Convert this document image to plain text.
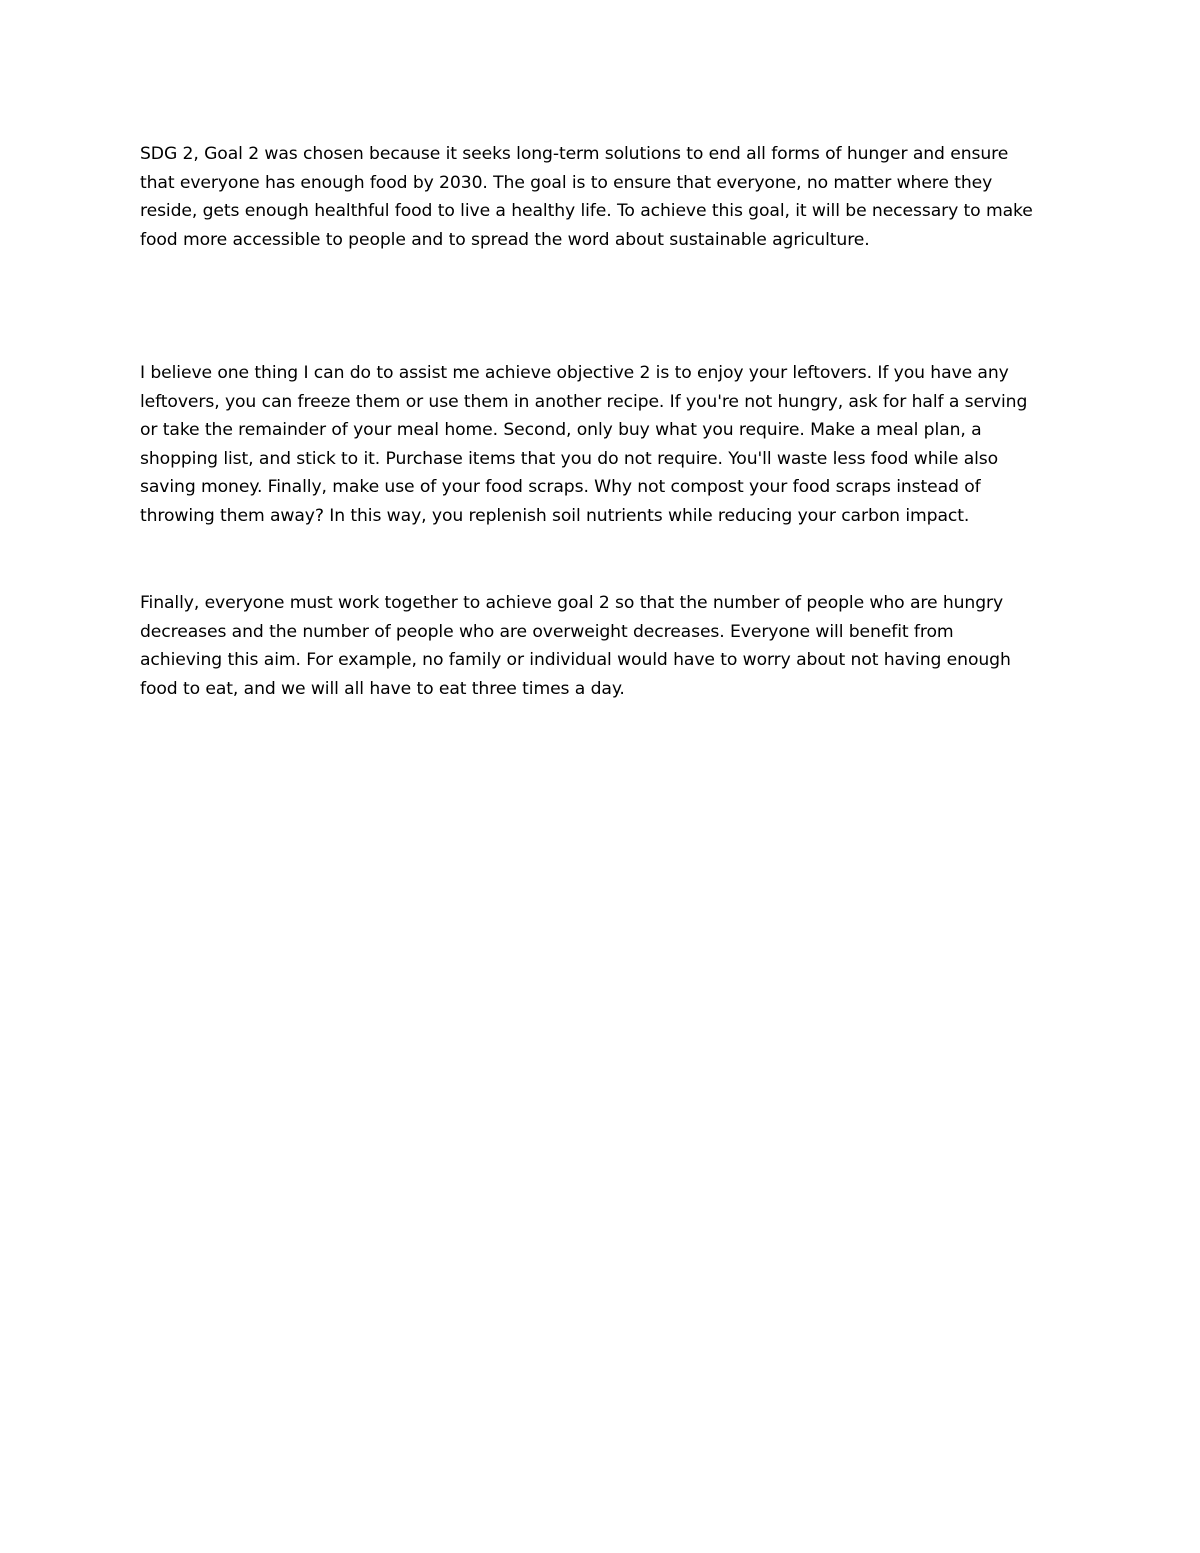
SDG 2, Goal 2 was chosen because it seeks long-term solutions to end all forms of hunger and ensure
that everyone has enough food by 2030. The goal is to ensure that everyone, no matter where they
reside, gets enough healthful food to live a healthy life. To achieve this goal, it will be necessary to make
food more accessible to people and to spread the word about sustainable agriculture.

I believe one thing I can do to assist me achieve objective 2 is to enjoy your leftovers. If you have any
leftovers, you can freeze them or use them in another recipe. If you're not hungry, ask for half a serving
or take the remainder of your meal home. Second, only buy what you require. Make a meal plan, a
shopping list, and stick to it. Purchase items that you do not require. You'll waste less food while also
saving money. Finally, make use of your food scraps. Why not compost your food scraps instead of
throwing them away? In this way, you replenish soil nutrients while reducing your carbon impact.

Finally, everyone must work together to achieve goal 2 so that the number of people who are hungry
decreases and the number of people who are overweight decreases. Everyone will benefit from
achieving this aim. For example, no family or individual would have to worry about not having enough
food to eat, and we will all have to eat three times a day.
